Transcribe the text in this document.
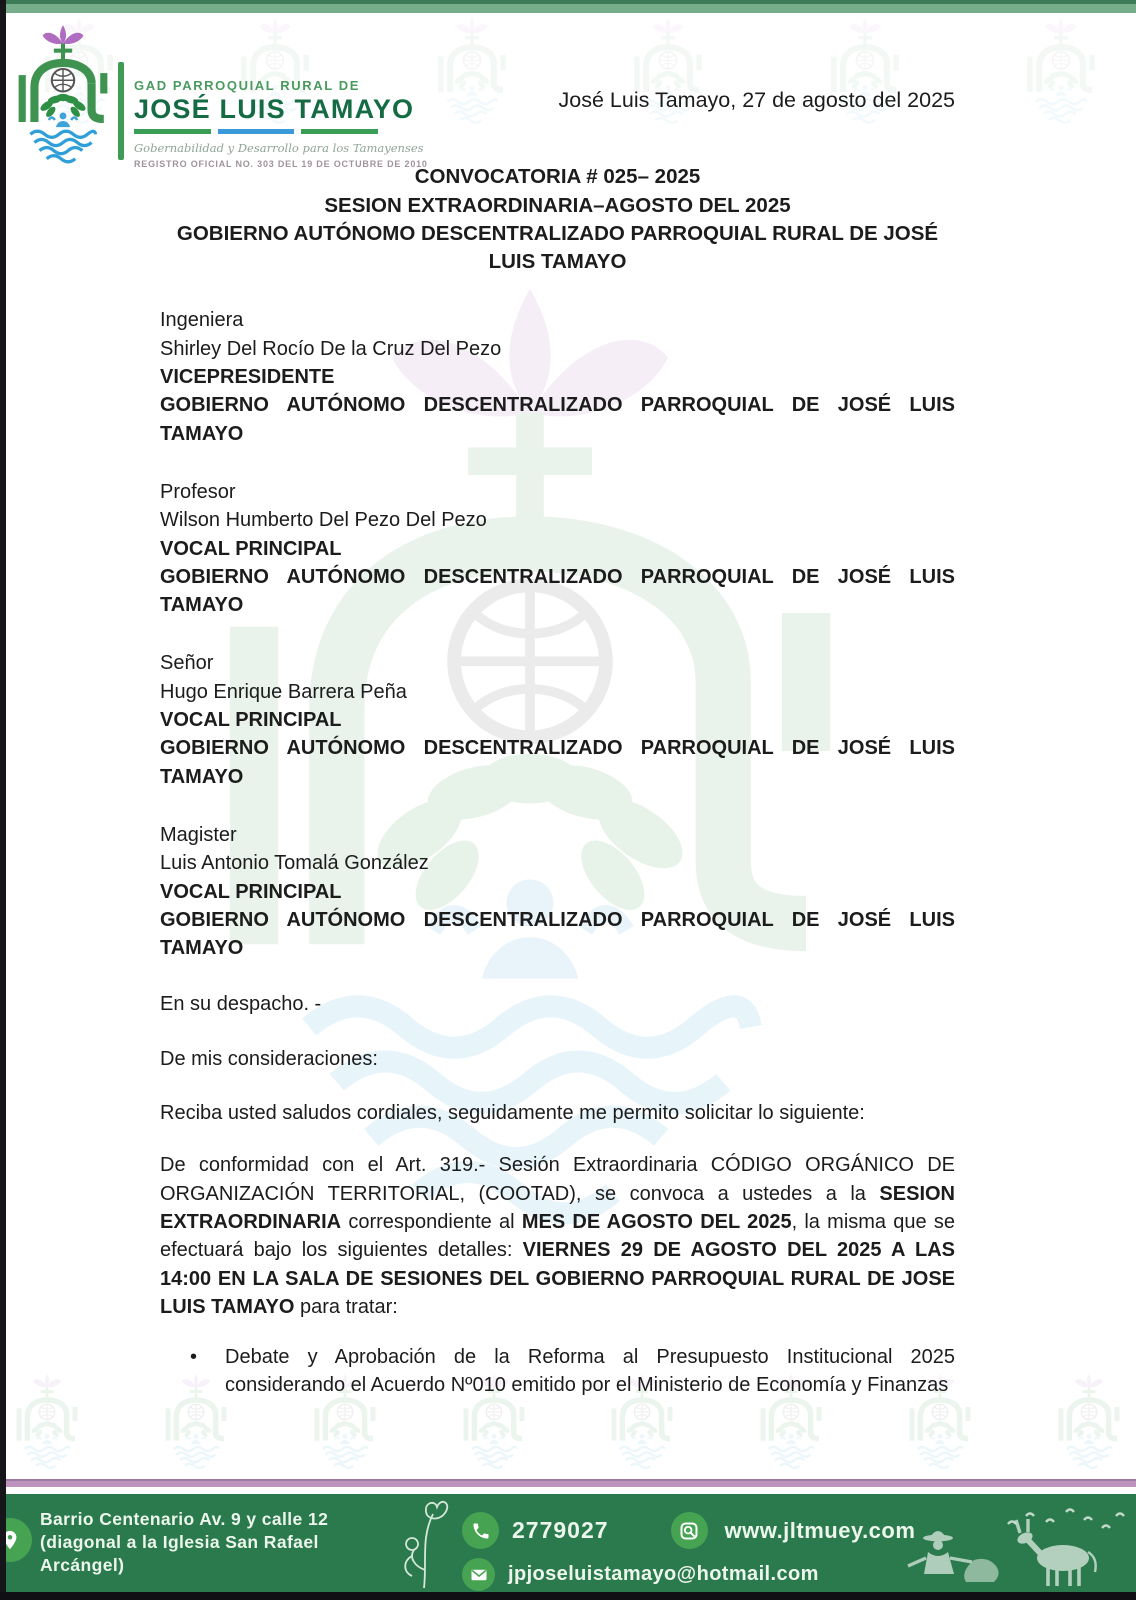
GAD PARROQUIAL RURAL DE
JOSÉ LUIS TAMAYO
Gobernabilidad y Desarrollo para los Tamayenses
REGISTRO OFICIAL NO. 303 DEL 19 DE OCTUBRE DE 2010
José Luis Tamayo, 27 de agosto del 2025
CONVOCATORIA # 025– 2025
SESION EXTRAORDINARIA–AGOSTO DEL 2025
GOBIERNO AUTÓNOMO DESCENTRALIZADO PARROQUIAL RURAL DE JOSÉ LUIS TAMAYO
Ingeniera
Shirley Del Rocío De la Cruz Del Pezo
VICEPRESIDENTE
GOBIERNO AUTÓNOMO DESCENTRALIZADO PARROQUIAL DE JOSÉ LUIS TAMAYO
Profesor
Wilson Humberto Del Pezo Del Pezo
VOCAL PRINCIPAL
GOBIERNO AUTÓNOMO DESCENTRALIZADO PARROQUIAL DE JOSÉ LUIS TAMAYO
Señor
Hugo Enrique Barrera Peña
VOCAL PRINCIPAL
GOBIERNO AUTÓNOMO DESCENTRALIZADO PARROQUIAL DE JOSÉ LUIS TAMAYO
Magister
Luis Antonio Tomalá González
VOCAL PRINCIPAL
GOBIERNO AUTÓNOMO DESCENTRALIZADO PARROQUIAL DE JOSÉ LUIS TAMAYO
En su despacho. -
De mis consideraciones:
Reciba usted saludos cordiales, seguidamente me permito solicitar lo siguiente:
De conformidad con el Art. 319.- Sesión Extraordinaria CÓDIGO ORGÁNICO DE ORGANIZACIÓN TERRITORIAL, (COOTAD), se convoca a ustedes a la SESION EXTRAORDINARIA correspondiente al MES DE AGOSTO DEL 2025, la misma que se efectuará bajo los siguientes detalles: VIERNES 29 DE AGOSTO DEL 2025 A LAS 14:00 EN LA SALA DE SESIONES DEL GOBIERNO PARROQUIAL RURAL DE JOSE LUIS TAMAYO para tratar:
•	Debate y Aprobación de la Reforma al Presupuesto Institucional 2025 considerando el Acuerdo Nº010 emitido por el Ministerio de Economía y Finanzas
Barrio Centenario Av. 9 y calle 12 (diagonal a la Iglesia San Rafael Arcángel)
2779027	www.jltmuey.com
jpjoseluistamayo@hotmail.com
